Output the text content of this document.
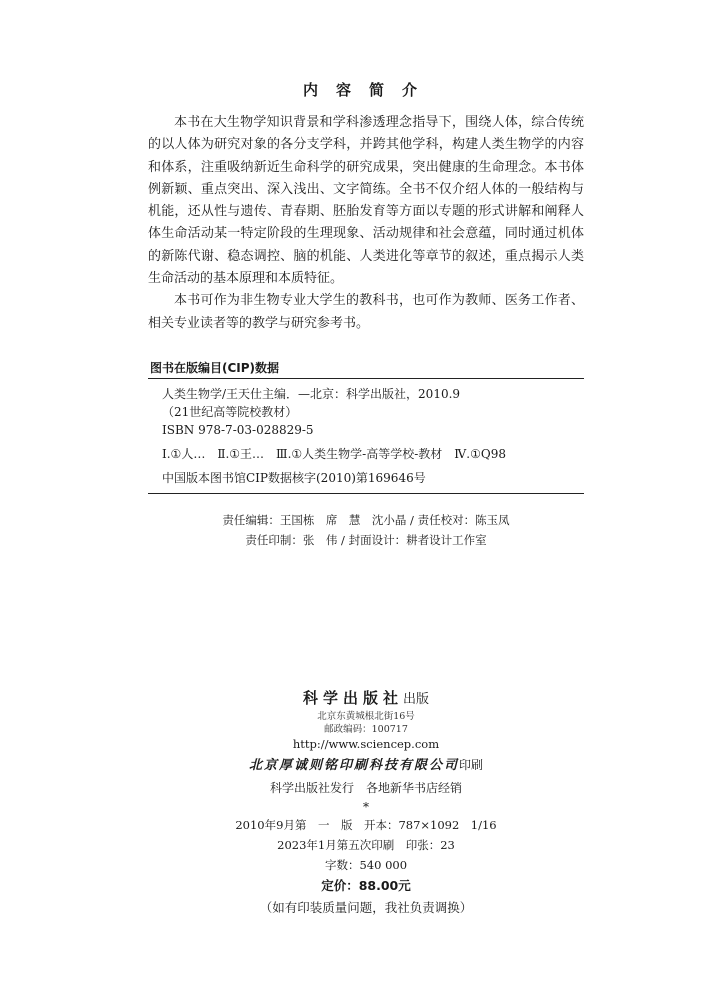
内容简介

本书在大生物学知识背景和学科渗透理念指导下，围绕人体，综合传统的以人体为研究对象的各分支学科，并跨其他学科，构建人类生物学的内容和体系，注重吸纳新近生命科学的研究成果，突出健康的生命理念。本书体例新颖、重点突出、深入浅出、文字简练。全书不仅介绍人体的一般结构与机能，还从性与遗传、青春期、胚胎发育等方面以专题的形式讲解和阐释人体生命活动某一特定阶段的生理现象、活动规律和社会意蕴，同时通过机体的新陈代谢、稳态调控、脑的机能、人类进化等章节的叙述，重点揭示人类生命活动的基本原理和本质特征。

本书可作为非生物专业大学生的教科书，也可作为教师、医务工作者、相关专业读者等的教学与研究参考书。

图书在版编目(CIP)数据
人类生物学/王天仕主编．—北京：科学出版社，2010.9
（21世纪高等院校教材）
ISBN 978-7-03-028829-5
Ⅰ.①人…　Ⅱ.①王…　Ⅲ.①人类生物学-高等学校-教材　Ⅳ.①Q98
中国版本图书馆CIP数据核字(2010)第169646号
责任编辑：王国栋　席　慧　沈小晶 / 责任校对：陈玉凤
责任印制：张　伟 / 封面设计：耕者设计工作室
科学出版社出版
北京东黄城根北街16号
邮政编码：100717
http://www.sciencep.com
北京厚诚则铭印刷科技有限公司印刷
科学出版社发行　各地新华书店经销
*
2010年9月第　一　版　开本：787×1092　1/16
2023年1月第五次印刷　印张：23
字数：540 000
定价：88.00元
（如有印装质量问题，我社负责调换）
